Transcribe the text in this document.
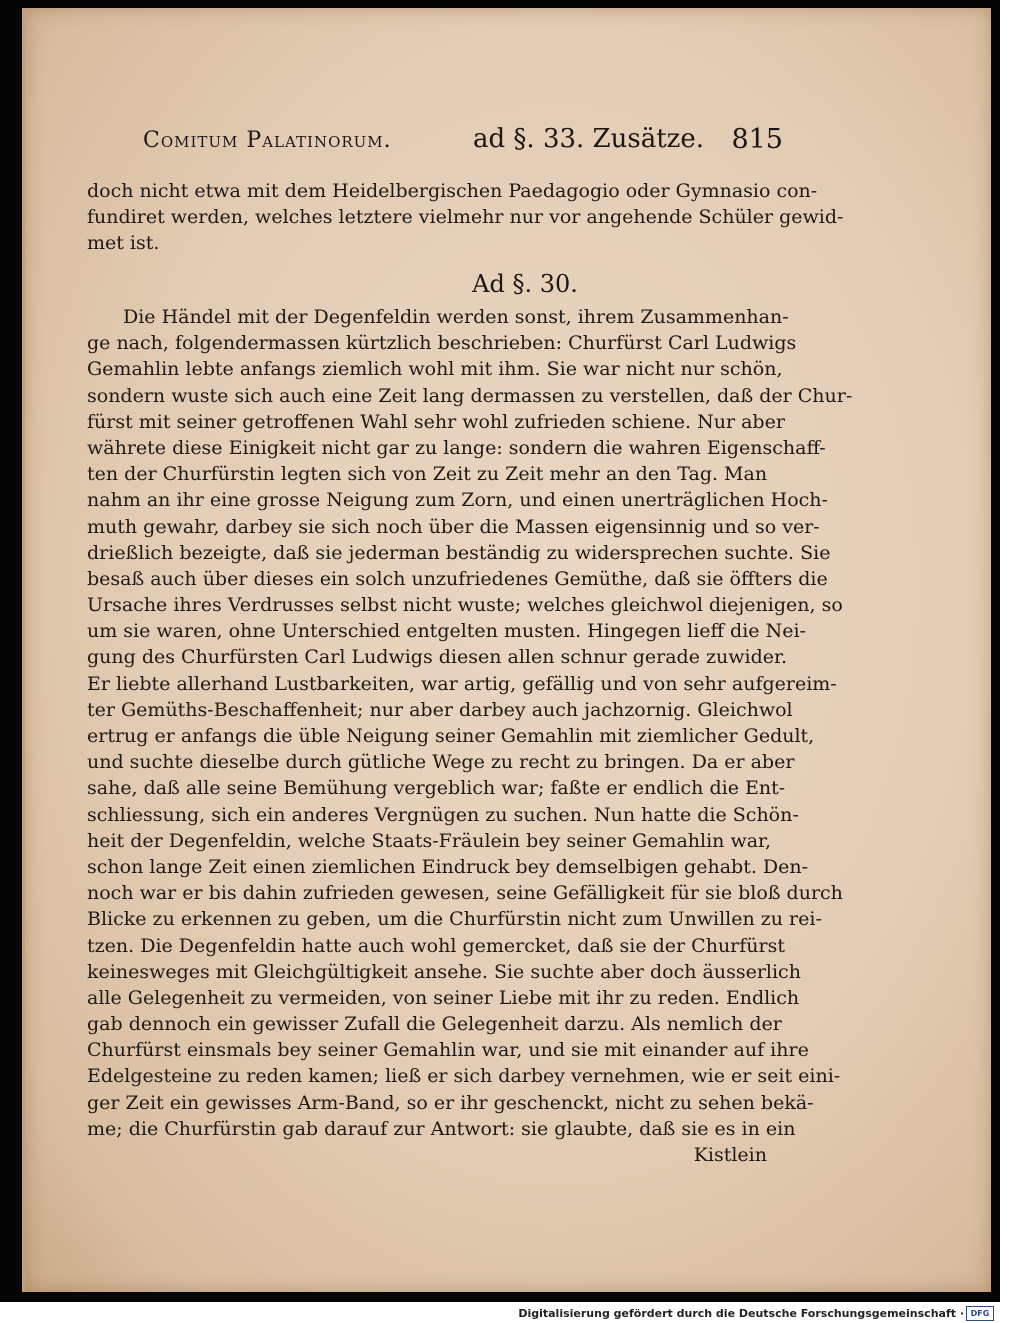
Comitum Palatinorum.	ad §. 33. Zusätze. 815
doch nicht etwa mit dem Heidelbergischen Paedagogio oder Gymnasio con-
fundiret werden, welches letztere vielmehr nur vor angehende Schüler gewid-
met ist.
Ad §. 30.
Die Händel mit der Degenfeldin werden sonst, ihrem Zusammenhan-
ge nach, folgendermassen kürtzlich beschrieben: Churfürst Carl Ludwigs
Gemahlin lebte anfangs ziemlich wohl mit ihm. Sie war nicht nur schön,
sondern wuste sich auch eine Zeit lang dermassen zu verstellen, daß der Chur-
fürst mit seiner getroffenen Wahl sehr wohl zufrieden schiene. Nur aber
währete diese Einigkeit nicht gar zu lange: sondern die wahren Eigenschaff-
ten der Churfürstin legten sich von Zeit zu Zeit mehr an den Tag. Man
nahm an ihr eine grosse Neigung zum Zorn, und einen unerträglichen Hoch-
muth gewahr, darbey sie sich noch über die Massen eigensinnig und so ver-
drießlich bezeigte, daß sie jederman beständig zu widersprechen suchte. Sie
besaß auch über dieses ein solch unzufriedenes Gemüthe, daß sie öffters die
Ursache ihres Verdrusses selbst nicht wuste; welches gleichwol diejenigen, so
um sie waren, ohne Unterschied entgelten musten. Hingegen lieff die Nei-
gung des Churfürsten Carl Ludwigs diesen allen schnur gerade zuwider.
Er liebte allerhand Lustbarkeiten, war artig, gefällig und von sehr aufgereim-
ter Gemüths-Beschaffenheit; nur aber darbey auch jachzornig. Gleichwol
ertrug er anfangs die üble Neigung seiner Gemahlin mit ziemlicher Gedult,
und suchte dieselbe durch gütliche Wege zu recht zu bringen. Da er aber
sahe, daß alle seine Bemühung vergeblich war; faßte er endlich die Ent-
schliessung, sich ein anderes Vergnügen zu suchen. Nun hatte die Schön-
heit der Degenfeldin, welche Staats-Fräulein bey seiner Gemahlin war,
schon lange Zeit einen ziemlichen Eindruck bey demselbigen gehabt. Den-
noch war er bis dahin zufrieden gewesen, seine Gefälligkeit für sie bloß durch
Blicke zu erkennen zu geben, um die Churfürstin nicht zum Unwillen zu rei-
tzen. Die Degenfeldin hatte auch wohl gemercket, daß sie der Churfürst
keinesweges mit Gleichgültigkeit ansehe. Sie suchte aber doch äusserlich
alle Gelegenheit zu vermeiden, von seiner Liebe mit ihr zu reden. Endlich
gab dennoch ein gewisser Zufall die Gelegenheit darzu. Als nemlich der
Churfürst einsmals bey seiner Gemahlin war, und sie mit einander auf ihre
Edelgesteine zu reden kamen; ließ er sich darbey vernehmen, wie er seit eini-
ger Zeit ein gewisses Arm-Band, so er ihr geschenckt, nicht zu sehen bekä-
me; die Churfürstin gab darauf zur Antwort: sie glaubte, daß sie es in ein
Kistlein
Digitalisierung gefördert durch die Deutsche Forschungsgemeinschaft · DFG
